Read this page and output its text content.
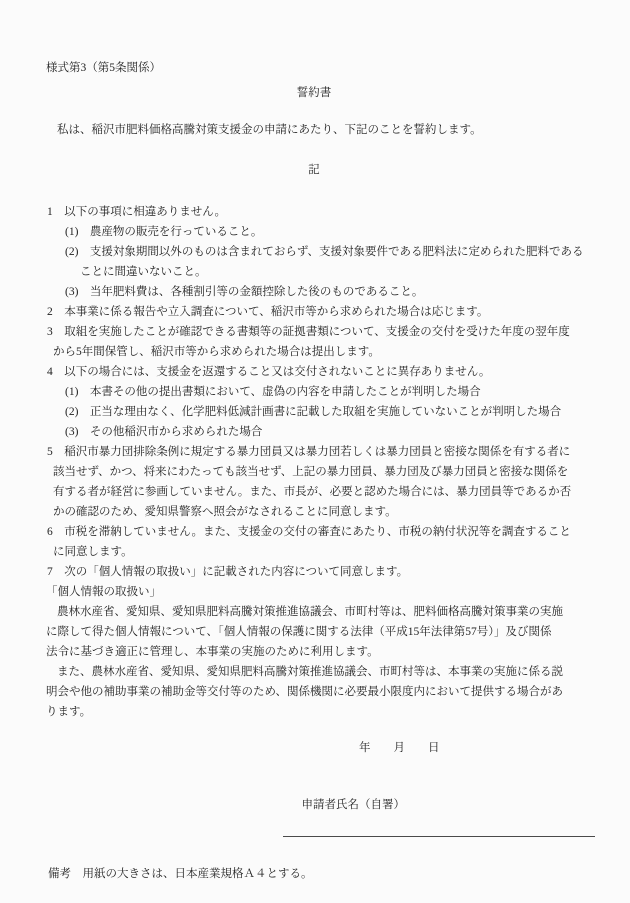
様式第3（第5条関係）
誓約書
私は、稲沢市肥料価格高騰対策支援金の申請にあたり、下記のことを誓約します。
記
1　以下の事項に相違ありません。
(1)　農産物の販売を行っていること。
(2)　支援対象期間以外のものは含まれておらず、支援対象要件である肥料法に定められた肥料である
ことに間違いないこと。
(3)　当年肥料費は、各種割引等の金額控除した後のものであること。
2　本事業に係る報告や立入調査について、稲沢市等から求められた場合は応じます。
3　取組を実施したことが確認できる書類等の証拠書類について、支援金の交付を受けた年度の翌年度
から5年間保管し、稲沢市等から求められた場合は提出します。
4　以下の場合には、支援金を返還すること又は交付されないことに異存ありません。
(1)　本書その他の提出書類において、虚偽の内容を申請したことが判明した場合
(2)　正当な理由なく、化学肥料低減計画書に記載した取組を実施していないことが判明した場合
(3)　その他稲沢市から求められた場合
5　稲沢市暴力団排除条例に規定する暴力団員又は暴力団若しくは暴力団員と密接な関係を有する者に
該当せず、かつ、将来にわたっても該当せず、上記の暴力団員、暴力団及び暴力団員と密接な関係を
有する者が経営に参画していません。また、市長が、必要と認めた場合には、暴力団員等であるか否
かの確認のため、愛知県警察へ照会がなされることに同意します。
6　市税を滞納していません。また、支援金の交付の審査にあたり、市税の納付状況等を調査すること
に同意します。
7　次の「個人情報の取扱い」に記載された内容について同意します。
「個人情報の取扱い」
農林水産省、愛知県、愛知県肥料高騰対策推進協議会、市町村等は、肥料価格高騰対策事業の実施
に際して得た個人情報について、「個人情報の保護に関する法律（平成15年法律第57号）」及び関係
法令に基づき適正に管理し、本事業の実施のために利用します。
また、農林水産省、愛知県、愛知県肥料高騰対策推進協議会、市町村等は、本事業の実施に係る説
明会や他の補助事業の補助金等交付等のため、関係機関に必要最小限度内において提供する場合があ
ります。
年　　月　　日

申請者氏名（自署）

備考　用紙の大きさは、日本産業規格Ａ４とする。
